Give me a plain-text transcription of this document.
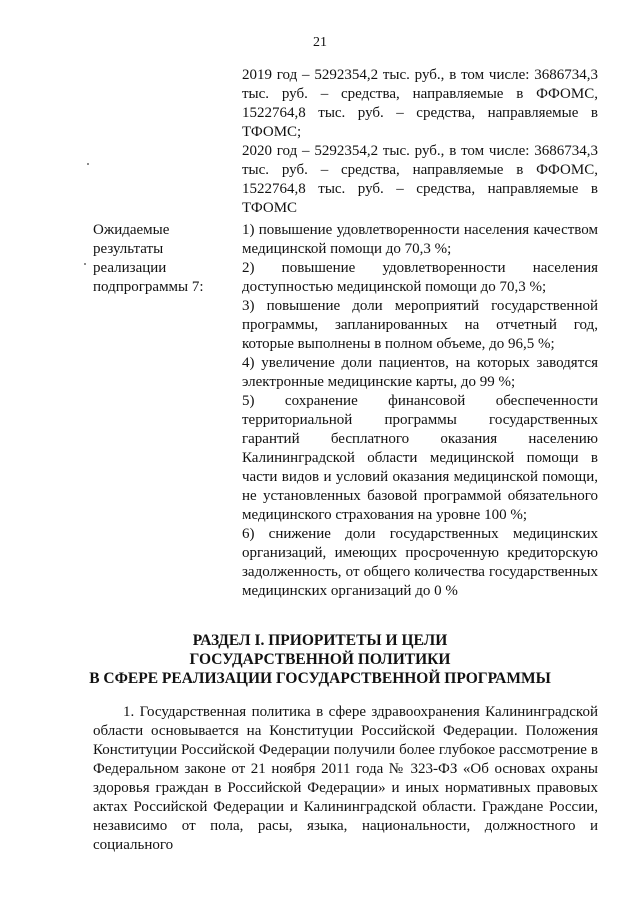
21

2019 год – 5292354,2 тыс. руб., в том числе: 3686734,3 тыс. руб. – средства, направляемые в ФФОМС, 1522764,8 тыс. руб. – средства, направляемые в ТФОМС;

2020 год – 5292354,2 тыс. руб., в том числе: 3686734,3 тыс. руб. – средства, направляемые в ФФОМС, 1522764,8 тыс. руб. – средства, направляемые в ТФОМС

Ожидаемые
результаты
реализации
подпрограммы 7:

1) повышение удовлетворенности населения качеством медицинской помощи до 70,3 %;

2) повышение удовлетворенности населения доступностью медицинской помощи до 70,3 %;

3) повышение доли мероприятий государственной программы, запланированных на отчетный год, которые выполнены в полном объеме, до 96,5 %;

4) увеличение доли пациентов, на которых заводятся электронные медицинские карты, до 99 %;

5) сохранение финансовой обеспеченности территориальной программы государственных гарантий бесплатного оказания населению Калининградской области медицинской помощи в части видов и условий оказания медицинской помощи, не установленных базовой программой обязательного медицинского страхования на уровне 100 %;

6) снижение доли государственных медицинских организаций, имеющих просроченную кредиторскую задолженность, от общего количества государственных медицинских организаций до 0 %

РАЗДЕЛ I. ПРИОРИТЕТЫ И ЦЕЛИ
ГОСУДАРСТВЕННОЙ ПОЛИТИКИ
В СФЕРЕ РЕАЛИЗАЦИИ ГОСУДАРСТВЕННОЙ ПРОГРАММЫ

1. Государственная политика в сфере здравоохранения Калининградской области основывается на Конституции Российской Федерации. Положения Конституции Российской Федерации получили более глубокое рассмотрение в Федеральном законе от 21 ноября 2011 года № 323-ФЗ «Об основах охраны здоровья граждан в Российской Федерации» и иных нормативных правовых актах Российской Федерации и Калининградской области. Граждане России, независимо от пола, расы, языка, национальности, должностного и социального
